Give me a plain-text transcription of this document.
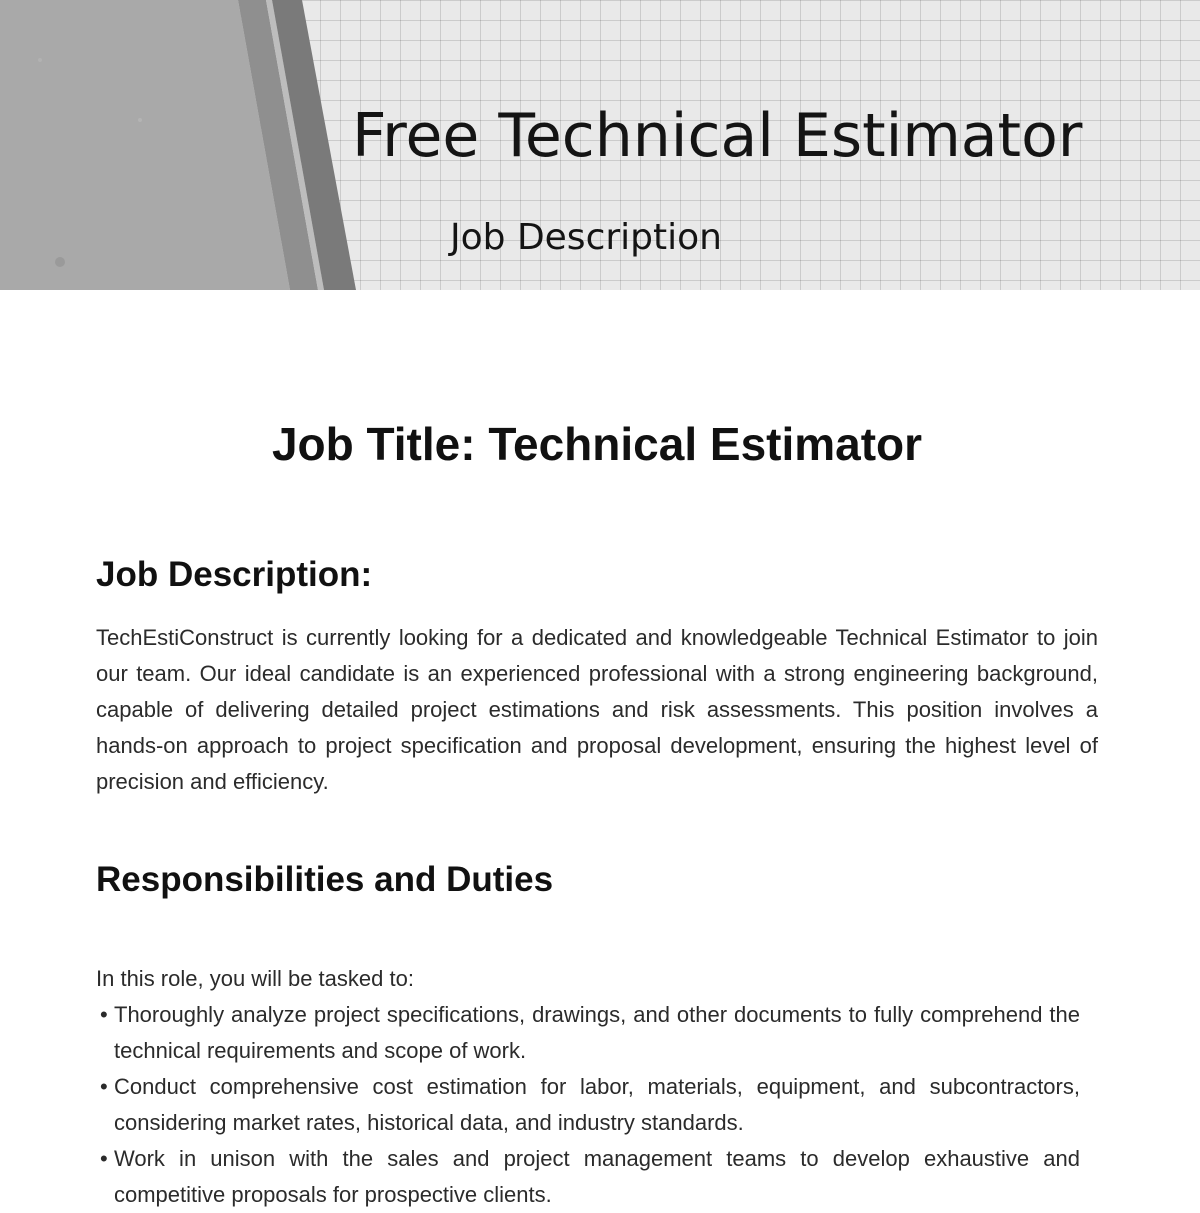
Free Technical Estimator
Job Description
Job Title: Technical Estimator
Job Description:

TechEstiConstruct is currently looking for a dedicated and knowledgeable Technical Estimator to join our team. Our ideal candidate is an experienced professional with a strong engineering background, capable of delivering detailed project estimations and risk assessments. This position involves a hands-on approach to project specification and proposal development, ensuring the highest level of precision and efficiency.

Responsibilities and Duties

In this role, you will be tasked to:

• Thoroughly analyze project specifications, drawings, and other documents to fully comprehend the technical requirements and scope of work.
• Conduct comprehensive cost estimation for labor, materials, equipment, and subcontractors, considering market rates, historical data, and industry standards.
• Work in unison with the sales and project management teams to develop exhaustive and competitive proposals for prospective clients.
